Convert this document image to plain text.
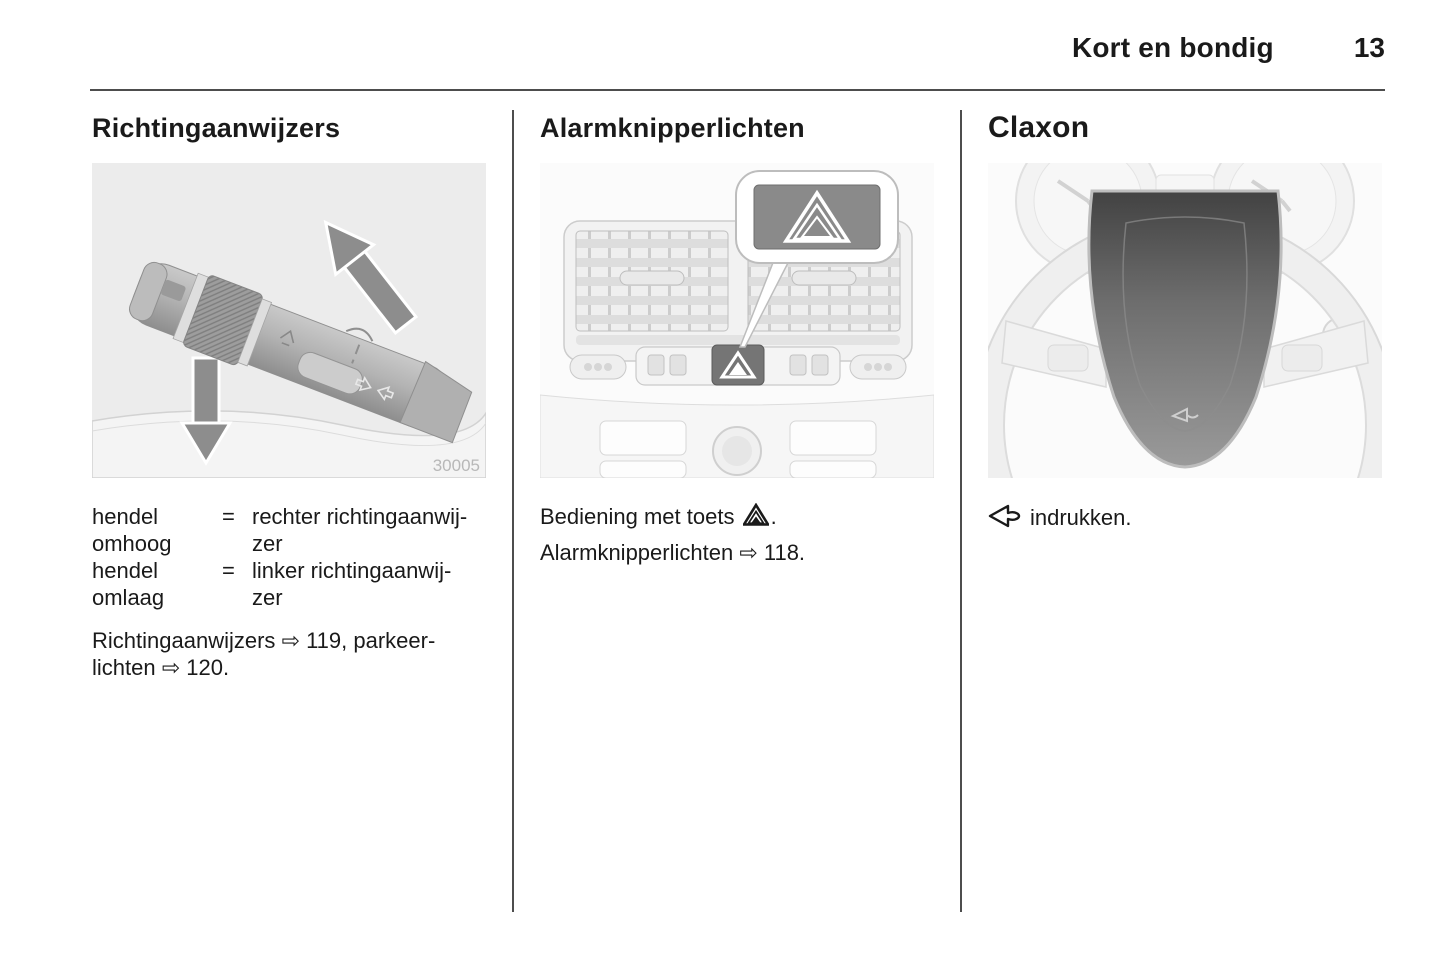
Kort en bondig	13
Richtingaanwijzers
30005
hendel
omhoog
= rechter richtingaanwij-
zer
hendel
omlaag
= linker richtingaanwij-
zer
Richtingaanwijzers ⇨ 119, parkeer-
lichten ⇨ 120.
Alarmknipperlichten
Bediening met toets .
Alarmknipperlichten ⇨ 118.
Claxon
indrukken.
